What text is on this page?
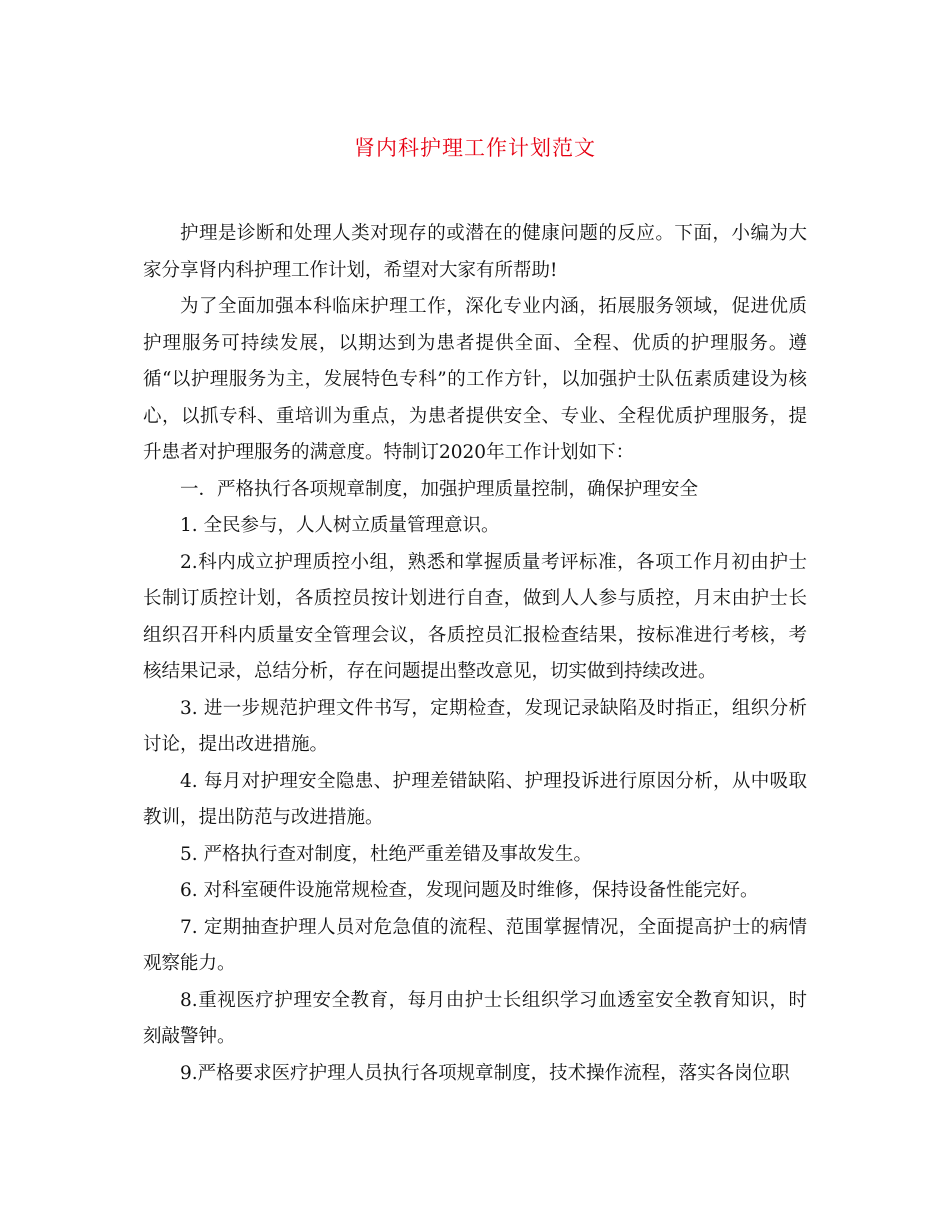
肾内科护理工作计划范文

护理是诊断和处理人类对现存的或潜在的健康问题的反应。下面，小编为大家分享肾内科护理工作计划，希望对大家有所帮助!

为了全面加强本科临床护理工作，深化专业内涵，拓展服务领域，促进优质护理服务可持续发展，以期达到为患者提供全面、全程、优质的护理服务。遵循“以护理服务为主，发展特色专科”的工作方针，以加强护士队伍素质建设为核心，以抓专科、重培训为重点，为患者提供安全、专业、全程优质护理服务，提升患者对护理服务的满意度。特制订2020年工作计划如下：

一．严格执行各项规章制度，加强护理质量控制，确保护理安全

1. 全民参与，人人树立质量管理意识。

2.科内成立护理质控小组，熟悉和掌握质量考评标准，各项工作月初由护士长制订质控计划，各质控员按计划进行自查，做到人人参与质控，月末由护士长组织召开科内质量安全管理会议，各质控员汇报检查结果，按标准进行考核，考核结果记录，总结分析，存在问题提出整改意见，切实做到持续改进。

3. 进一步规范护理文件书写，定期检查，发现记录缺陷及时指正，组织分析讨论，提出改进措施。

4. 每月对护理安全隐患、护理差错缺陷、护理投诉进行原因分析，从中吸取教训，提出防范与改进措施。

5. 严格执行查对制度，杜绝严重差错及事故发生。

6. 对科室硬件设施常规检查，发现问题及时维修，保持设备性能完好。

7. 定期抽查护理人员对危急值的流程、范围掌握情况，全面提高护士的病情观察能力。

8.重视医疗护理安全教育，每月由护士长组织学习血透室安全教育知识，时刻敲警钟。

9.严格要求医疗护理人员执行各项规章制度，技术操作流程，落实各岗位职
